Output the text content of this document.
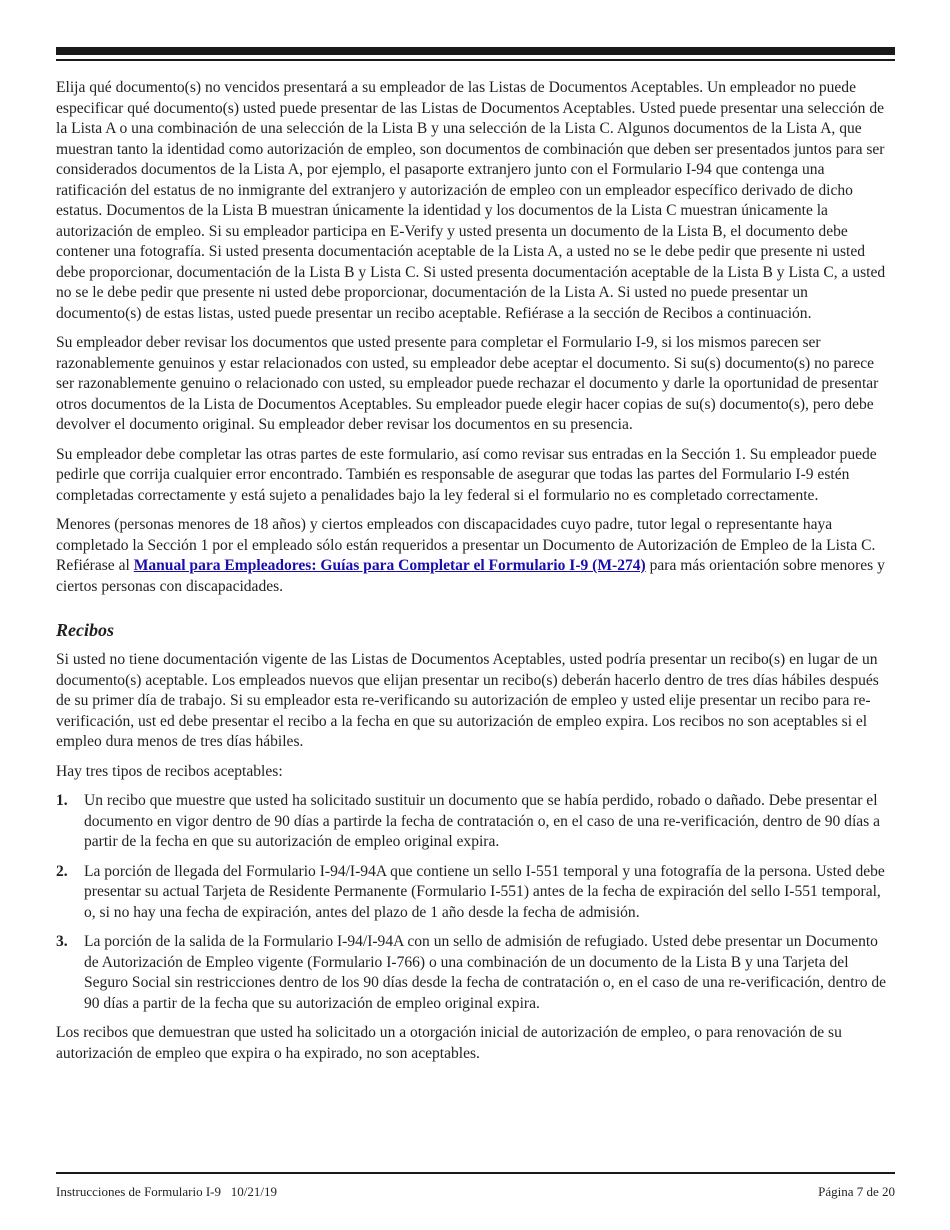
Elija qué documento(s) no vencidos presentará a su empleador de las Listas de Documentos Aceptables. Un empleador no puede especificar qué documento(s) usted puede presentar de las Listas de Documentos Aceptables. Usted puede presentar una selección de la Lista A o una combinación de una selección de la Lista B y una selección de la Lista C. Algunos documentos de la Lista A, que muestran tanto la identidad como autorización de empleo, son documentos de combinación que deben ser presentados juntos para ser considerados documentos de la Lista A, por ejemplo, el pasaporte extranjero junto con el Formulario I-94 que contenga una ratificación del estatus de no inmigrante del extranjero y autorización de empleo con un empleador específico derivado de dicho estatus. Documentos de la Lista B muestran únicamente la identidad y los documentos de la Lista C muestran únicamente la autorización de empleo. Si su empleador participa en E-Verify y usted presenta un documento de la Lista B, el documento debe contener una fotografía. Si usted presenta documentación aceptable de la Lista A, a usted no se le debe pedir que presente ni usted debe proporcionar, documentación de la Lista B y Lista C. Si usted presenta documentación aceptable de la Lista B y Lista C, a usted no se le debe pedir que presente ni usted debe proporcionar, documentación de la Lista A. Si usted no puede presentar un documento(s) de estas listas, usted puede presentar un recibo aceptable. Refiérase a la sección de Recibos a continuación.

Su empleador deber revisar los documentos que usted presente para completar el Formulario I-9, si los mismos parecen ser razonablemente genuinos y estar relacionados con usted, su empleador debe aceptar el documento. Si su(s) documento(s) no parece ser razonablemente genuino o relacionado con usted, su empleador puede rechazar el documento y darle la oportunidad de presentar otros documentos de la Lista de Documentos Aceptables. Su empleador puede elegir hacer copias de su(s) documento(s), pero debe devolver el documento original. Su empleador deber revisar los documentos en su presencia.

Su empleador debe completar las otras partes de este formulario, así como revisar sus entradas en la Sección 1. Su empleador puede pedirle que corrija cualquier error encontrado. También es responsable de asegurar que todas las partes del Formulario I-9 estén completadas correctamente y está sujeto a penalidades bajo la ley federal si el formulario no es completado correctamente.

Menores (personas menores de 18 años) y ciertos empleados con discapacidades cuyo padre, tutor legal o representante haya completado la Sección 1 por el empleado sólo están requeridos a presentar un Documento de Autorización de Empleo de la Lista C. Refiérase al Manual para Empleadores: Guías para Completar el Formulario I-9 (M-274) para más orientación sobre menores y ciertos personas con discapacidades.

Recibos

Si usted no tiene documentación vigente de las Listas de Documentos Aceptables, usted podría presentar un recibo(s) en lugar de un documento(s) aceptable. Los empleados nuevos que elijan presentar un recibo(s) deberán hacerlo dentro de tres días hábiles después de su primer día de trabajo. Si su empleador esta re-verificando su autorización de empleo y usted elije presentar un recibo para re-verificación, ust ed debe presentar el recibo a la fecha en que su autorización de empleo expira. Los recibos no son aceptables si el empleo dura menos de tres días hábiles.

Hay tres tipos de recibos aceptables:

1.	Un recibo que muestre que usted ha solicitado sustituir un documento que se había perdido, robado o dañado. Debe presentar el documento en vigor dentro de 90 días a partirde la fecha de contratación o, en el caso de una re-verificación, dentro de 90 días a partir de la fecha en que su autorización de empleo original expira.
2.	La porción de llegada del Formulario I-94/I-94A que contiene un sello I-551 temporal y una fotografía de la persona. Usted debe presentar su actual Tarjeta de Residente Permanente (Formulario I-551) antes de la fecha de expiración del sello I-551 temporal, o, si no hay una fecha de expiración, antes del plazo de 1 año desde la fecha de admisión.
3.	La porción de la salida de la Formulario I-94/I-94A con un sello de admisión de refugiado. Usted debe presentar un Documento de Autorización de Empleo vigente (Formulario I-766) o una combinación de un documento de la Lista B y una Tarjeta del Seguro Social sin restricciones dentro de los 90 días desde la fecha de contratación o, en el caso de una re-verificación, dentro de 90 días a partir de la fecha que su autorización de empleo original expira.

Los recibos que demuestran que usted ha solicitado un a otorgación inicial de autorización de empleo, o para renovación de su autorización de empleo que expira o ha expirado, no son aceptables.

Instrucciones de Formulario I-9   10/21/19	Página 7 de 20
